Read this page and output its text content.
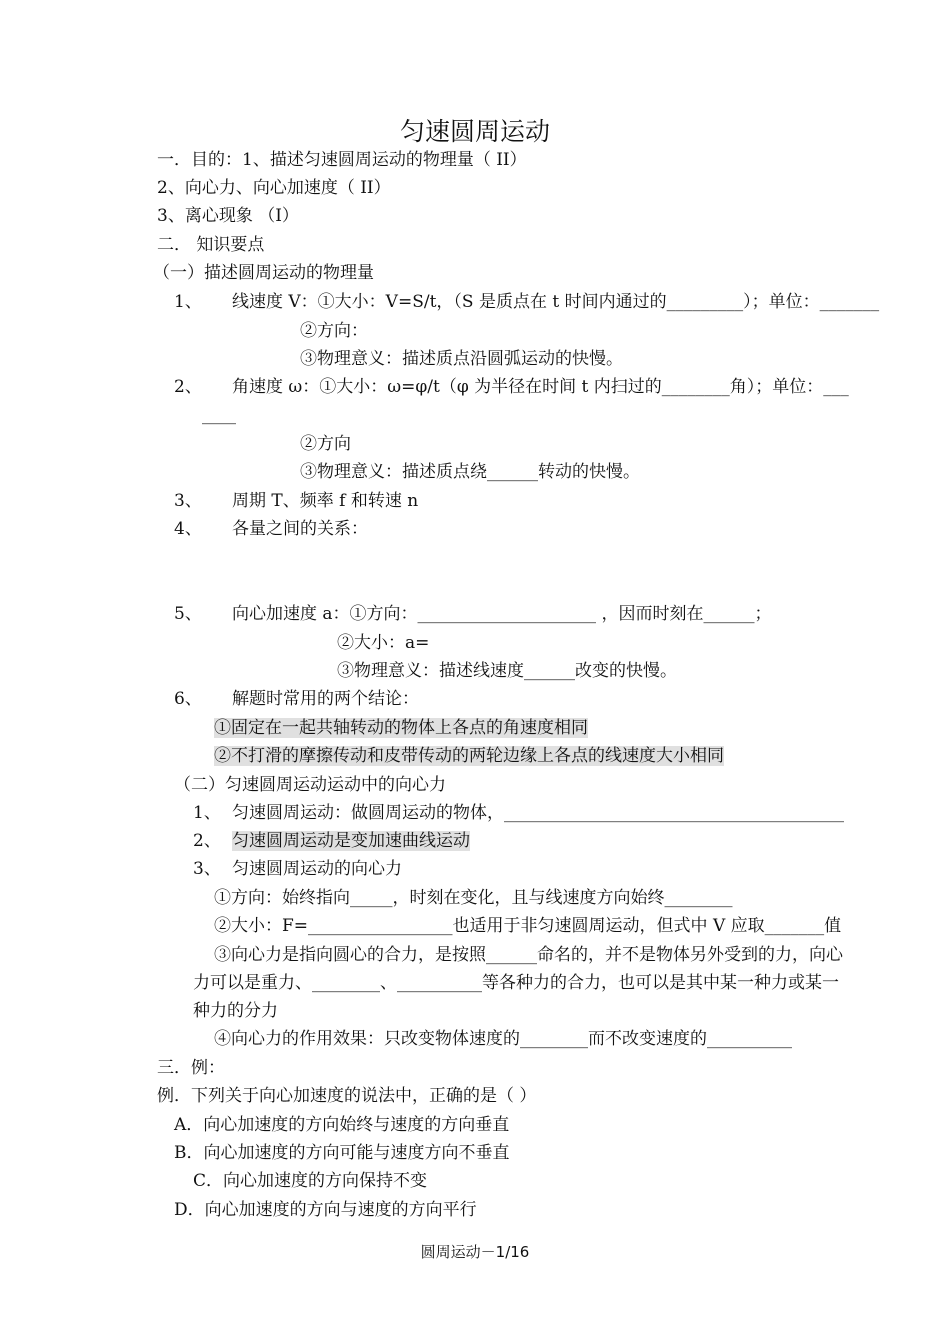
匀速圆周运动
一．目的：1、描述匀速圆周运动的物理量（ II）
2、向心力、向心加速度（ II）
3、离心现象 （I）
二． 知识要点
（一）描述圆周运动的物理量
1、 线速度 V：①大小：V=S/t，（S 是质点在 t 时间内通过的_________）；单位：_______
②方向：
③物理意义：描述质点沿圆弧运动的快慢。
2、 角速度 ω：①大小：ω=φ/t（φ 为半径在时间 t 内扫过的________角）；单位：___
____
②方向
③物理意义：描述质点绕______转动的快慢。
3、 周期 T、频率 f 和转速 n
4、 各量之间的关系：
5、 向心加速度 a：①方向：_____________________ ，因而时刻在______；
②大小：a=
③物理意义：描述线速度______改变的快慢。
6、 解题时常用的两个结论：
①固定在一起共轴转动的物体上各点的角速度相同
②不打滑的摩擦传动和皮带传动的两轮边缘上各点的线速度大小相同
（二）匀速圆周运动运动中的向心力
1、 匀速圆周运动：做圆周运动的物体，________________________________________
2、 匀速圆周运动是变加速曲线运动
3、 匀速圆周运动的向心力
①方向：始终指向_____，时刻在变化，且与线速度方向始终________
②大小：F=_________________也适用于非匀速圆周运动，但式中 V 应取_______值
③向心力是指向圆心的合力，是按照______命名的，并不是物体另外受到的力，向心
力可以是重力、________、__________等各种力的合力，也可以是其中某一种力或某一
种力的分力
④向心力的作用效果：只改变物体速度的________而不改变速度的__________
三．例：
例．下列关于向心加速度的说法中，正确的是（ ）
A．向心加速度的方向始终与速度的方向垂直
B．向心加速度的方向可能与速度方向不垂直
C．向心加速度的方向保持不变
D．向心加速度的方向与速度的方向平行
圆周运动－1/16
